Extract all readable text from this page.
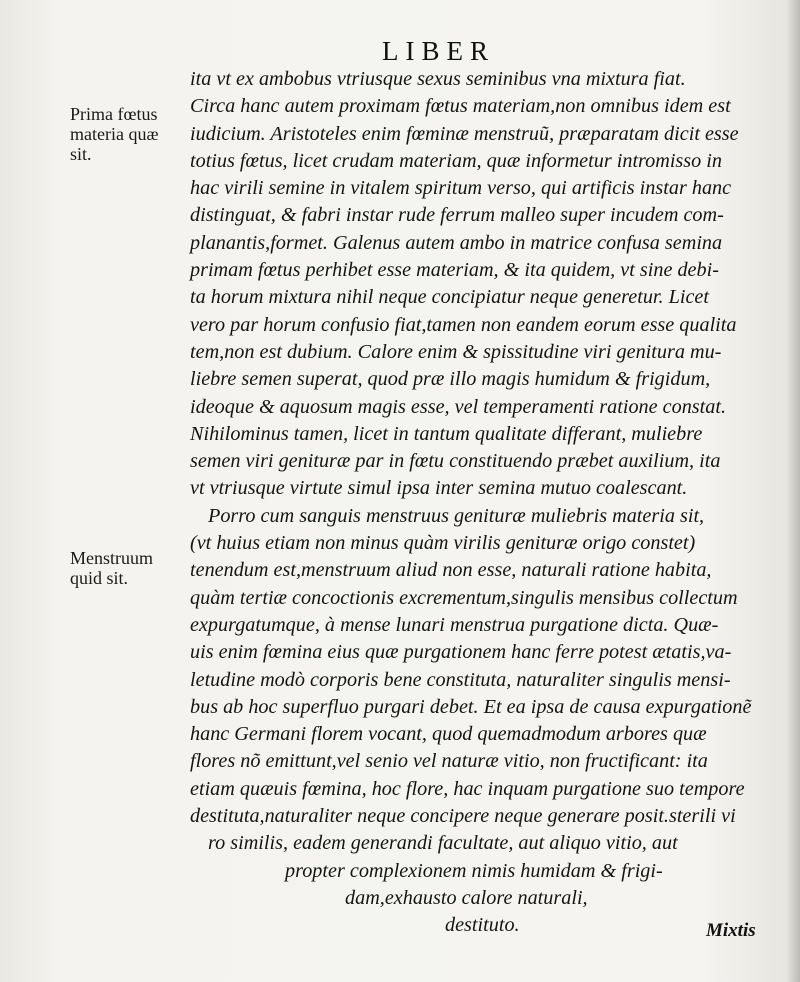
LIBER
Prima fœtus
materia quæ
sit.
Menstruum
quid sit.
ita vt ex ambobus vtriusque sexus seminibus vna mixtura fiat.
Circa hanc autem proximam fœtus materiam,non omnibus idem est
iudicium. Aristoteles enim fœminæ menstruũ, præparatam dicit esse
totius fœtus, licet crudam materiam, quæ informetur intromisso in
hac virili semine in vitalem spiritum verso, qui artificis instar hanc
distinguat, & fabri instar rude ferrum malleo super incudem com-
planantis,formet. Galenus autem ambo in matrice confusa semina
primam fœtus perhibet esse materiam, & ita quidem, vt sine debi-
ta horum mixtura nihil neque concipiatur neque generetur. Licet
vero par horum confusio fiat,tamen non eandem eorum esse qualita
tem,non est dubium. Calore enim & spissitudine viri genitura mu-
liebre semen superat, quod præ illo magis humidum & frigidum,
ideoque & aquosum magis esse, vel temperamenti ratione constat.
Nihilominus tamen, licet in tantum qualitate differant, muliebre
semen viri genituræ par in fœtu constituendo præbet auxilium, ita
vt vtriusque virtute simul ipsa inter semina mutuo coalescant.
Porro cum sanguis menstruus genituræ muliebris materia sit,
(vt huius etiam non minus quàm virilis genituræ origo constet)
tenendum est,menstruum aliud non esse, naturali ratione habita,
quàm tertiæ concoctionis excrementum,singulis mensibus collectum
expurgatumque, à mense lunari menstrua purgatione dicta. Quæ-
uis enim fœmina eius quæ purgationem hanc ferre potest ætatis,va-
letudine modò corporis bene constituta, naturaliter singulis mensi-
bus ab hoc superfluo purgari debet. Et ea ipsa de causa expurgationẽ
hanc Germani florem vocant, quod quemadmodum arbores quæ
flores nõ emittunt,vel senio vel naturæ vitio, non fructificant: ita
etiam quæuis fœmina, hoc flore, hac inquam purgatione suo tempore
destituta,naturaliter neque concipere neque generare posit.sterili vi
ro similis, eadem generandi facultate, aut aliquo vitio, aut
propter complexionem nimis humidam & frigi-
dam,exhausto calore naturali,
destituto.	Mixtis
